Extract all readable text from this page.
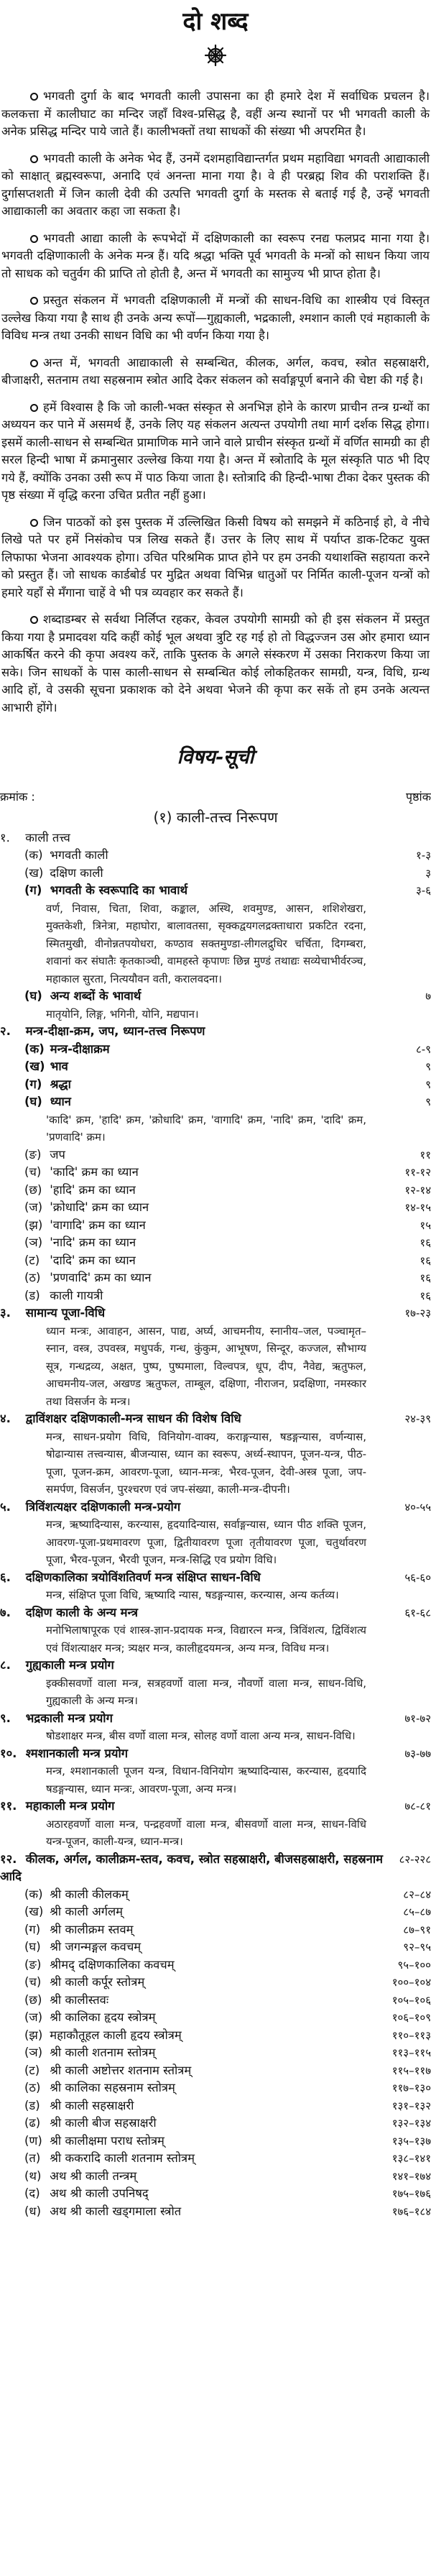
दो शब्द

भगवती दुर्गा के बाद भगवती काली उपासना का ही हमारे देश में सर्वाधिक प्रचलन है। कलकत्ता में कालीघाट का मन्दिर जहाँ विश्व-प्रसिद्ध है, वहीं अन्य स्थानों पर भी भगवती काली के अनेक प्रसिद्ध मन्दिर पाये जाते हैं। कालीभक्तों तथा साधकों की संख्या भी अपरमित है।

भगवती काली के अनेक भेद हैं, उनमें दशमहाविद्यान्तर्गत प्रथम महाविद्या भगवती आद्याकाली को साक्षात् ब्रह्मस्वरूपा, अनादि एवं अनन्ता माना गया है। वे ही परब्रह्म शिव की पराशक्ति हैं। दुर्गासप्तशती में जिन काली देवी की उत्पत्ति भगवती दुर्गा के मस्तक से बताई गई है, उन्हें भगवती आद्याकाली का अवतार कहा जा सकता है।

भगवती आद्या काली के रूपभेदों में दक्षिणकाली का स्वरूप रनद्य फलप्रद माना गया है। भगवती दक्षिणाकाली के अनेक मन्त्र हैं। यदि श्रद्धा भक्ति पूर्व भगवती के मन्त्रों को साधन किया जाय तो साधक को चतुर्वग की प्राप्ति तो होती है, अन्त में भगवती का सामुज्य भी प्राप्त होता है।

प्रस्तुत संकलन में भगवती दक्षिणकाली में मन्त्रों की साधन-विधि का शास्त्रीय एवं विस्तृत उल्लेख किया गया है साथ ही उनके अन्य रूपों—गुह्यकाली, भद्रकाली, श्मशान काली एवं महाकाली के विविध मन्त्र तथा उनकी साधन विधि का भी वर्णन किया गया है।

अन्त में, भगवती आद्याकाली से सम्बन्धित, कीलक, अर्गल, कवच, स्त्रोत सहस्राक्षरी, बीजाक्षरी, सतनाम तथा सहस्रनाम स्त्रोत आदि देकर संकलन को सर्वाङ्गपूर्ण बनाने की चेष्टा की गई है।

हमें विश्वास है कि जो काली-भक्त संस्कृत से अनभिज्ञ होने के कारण प्राचीन तन्त्र ग्रन्थों का अध्ययन कर पाने में असमर्थ हैं, उनके लिए यह संकलन अत्यन्त उपयोगी तथा मार्ग दर्शक सिद्ध होगा। इसमें काली-साधन से सम्बन्धित प्रामाणिक माने जाने वाले प्राचीन संस्कृत ग्रन्थों में वर्णित सामग्री का ही सरल हिन्दी भाषा में क्रमानुसार उल्लेख किया गया है। अन्त में स्त्रोतादि के मूल संस्कृति पाठ भी दिए गये हैं, क्योंकि उनका उसी रूप में पाठ किया जाता है। स्तोत्रादि की हिन्दी-भाषा टीका देकर पुस्तक की पृष्ठ संख्या में वृद्धि करना उचित प्रतीत नहीं हुआ।

जिन पाठकों को इस पुस्तक में उल्लिखित किसी विषय को समझने में कठिनाई हो, वे नीचे लिखे पते पर हमें निसंकोच पत्र लिख सकते हैं। उत्तर के लिए साथ में पर्याप्त डाक-टिकट युक्त लिफाफा भेजना आवश्यक होगा। उचित परिश्रमिक प्राप्त होने पर हम उनकी यथाशक्ति सहायता करने को प्रस्तुत हैं। जो साधक कार्डबोर्ड पर मुद्रित अथवा विभिन्न धातुओं पर निर्मित काली-पूजन यन्त्रों को हमारे यहाँ से मँगाना चाहें वे भी पत्र व्यवहार कर सकते हैं।

शब्दाडम्बर से सर्वथा निर्लिप्त रहकर, केवल उपयोगी सामग्री को ही इस संकलन में प्रस्तुत किया गया है प्रमादवश यदि कहीं कोई भूल अथवा त्रुटि रह गई हो तो विद्धज्जन उस ओर हमारा ध्यान आकर्षित करने की कृपा अवश्य करें, ताकि पुस्तक के अगले संस्करण में उसका निराकरण किया जा सके। जिन साधकों के पास काली-साधन से सम्बन्धित कोई लोकहितकर सामग्री, यन्त्र, विधि, ग्रन्थ आदि हों, वे उसकी सूचना प्रकाशक को देने अथवा भेजने की कृपा कर सकें तो हम उनके अत्यन्त आभारी होंगे।

विषय-सूची
क्रमांक :	पृष्ठांक
(१) काली-तत्त्व निरूपण
१. काली तत्त्व
(क) भगवती काली	१-३
(ख) दक्षिण काली	३
(ग) भगवती के स्वरूपादि का भावार्थ	३-६
वर्ण, निवास, चिता, शिवा, कङ्काल, अस्थि, शवमुण्ड, आसन, शशिशेखरा, मुक्तकेशी, त्रिनेत्रा, महाघोरा, बालावतसा, सृक्कद्वयगलद्रक्ताधारा प्रकटित रदना, स्मितमुखी, वीनोन्नतपयोधरा, कण्ठाव सक्तमुण्डा-लीगलद्रुधिर चर्चिता, दिगम्बरा, शवानां कर संघातैः कृतकाञ्ची, वामहस्ते कृपाणः छिन्न मुण्डं तथाद्यः सव्येचाभीर्वरञ्च, महाकाल सुरता, नित्ययौवन वती, करालवदना।
(घ) अन्य शब्दों के भावार्थ	७
मातृयोनि, लिङ्ग, भगिनी, योनि, मद्यपान।
२. मन्त्र-दीक्षा-क्रम, जप, ध्यान-तत्त्व निरूपण
(क) मन्त्र-दीक्षाक्रम	८-९
(ख) भाव	९
(ग) श्रद्धा	९
(घ) ध्यान	९
'कादि' क्रम, 'हादि' क्रम, 'क्रोधादि' क्रम, 'वागादि' क्रम, 'नादि' क्रम, 'दादि' क्रम, 'प्रणवादि' क्रम।
(ङ) जप	११
(च) 'कादि' क्रम का ध्यान	११-१२
(छ) 'हादि' क्रम का ध्यान	१२-१४
(ज) 'क्रोधादि' क्रम का ध्यान	१४-१५
(झ) 'वागादि' क्रम का ध्यान	१५
(ञ) 'नादि' क्रम का ध्यान	१६
(ट) 'दादि' क्रम का ध्यान	१६
(ठ) 'प्रणवादि' क्रम का ध्यान	१६
(ड) काली गायत्री	१६
३. सामान्य पूजा-विधि	१७-२३
ध्यान मन्त्रः, आवाहन, आसन, पाद्य, अर्घ्य, आचमनीय, स्नानीय–जल, पञ्चामृत–स्नान, वस्त्र, उपवस्त्र, मधुपर्क, गन्ध, कुंकुम, आभूषण, सिन्दूर, कज्जल, सौभाग्य सूत्र, गन्धद्रव्य, अक्षत, पुष्प, पुष्पमाला, विल्वपत्र, धूप, दीप, नैवेद्य, ऋतुफल, आचमनीय-जल, अखण्ड ऋतुफल, ताम्बूल, दक्षिणा, नीराजन, प्रदक्षिणा, नमस्कार तथा विसर्जन के मन्त्र।
४. द्वाविंशक्षर दक्षिणकाली-मन्त्र साधन की विशेष विधि	२४-३९
मन्त्र, साधन-प्रयोग विधि, विनियोग-वाक्य, कराङ्गन्यास, षडङ्गन्यास, वर्णन्यास, षोढान्यास तत्त्वन्यास, बीजन्यास, ध्यान का स्वरूप, अर्ध्य-स्थापन, पूजन-यन्त्र, पीठ-पूजा, पूजन-क्रम, आवरण-पूजा, ध्यान-मन्त्रः, भैरव-पूजन, देवी-अस्त्र पूजा, जप-समर्पण, विसर्जन, पुरश्चरण एवं जप-संख्या, काली-मन्त्र-दीपनी।
५. त्रिविंशत्यक्षर दक्षिणकाली मन्त्र-प्रयोग	४०-५५
मन्त्र, ऋष्यादिन्यास, करन्यास, हृदयादिन्यास, सर्वाङ्गन्यास, ध्यान पीठ शक्ति पूजन, आवरण-पूजा-प्रथमावरण पूजा, द्वितीयावरण पूजा तृतीयावरण पूजा, चतुर्थावरण पूजा, भैरव-पूजन, भैरवी पूजन, मन्त्र-सिद्धि एव प्रयोग विधि।
६. दक्षिणकालिका त्रयोविंशतिवर्ण मन्त्र संक्षिप्त साधन-विधि	५६-६०
मन्त्र, संक्षिप्त पूजा विधि, ऋष्यादि न्यास, षडङ्गन्यास, करन्यास, अन्य कर्तव्य।
७. दक्षिण काली के अन्य मन्त्र	६१-६८
मनोभिलाषापूरक एवं शास्त्र-ज्ञान-प्रदायक मन्त्र, विद्यारत्न मन्त्र, त्रिविंशत्य, द्विविंशत्य एवं विंशत्याक्षर मन्त्र; त्र्यक्षर मन्त्र, कालीहृदयमन्त्र, अन्य मन्त्र, विविध मन्त्र।
८. गुह्यकाली मन्त्र प्रयोग
इक्कीसवर्णो वाला मन्त्र, सत्रहवर्णो वाला मन्त्र, नौवर्णो वाला मन्त्र, साधन-विधि, गुह्यकाली के अन्य मन्त्र।
९. भद्रकाली मन्त्र प्रयोग	७१-७२
षोडशाक्षर मन्त्र, बीस वर्णो वाला मन्त्र, सोलह वर्णो वाला अन्य मन्त्र, साधन-विधि।
१०. श्मशानकाली मन्त्र प्रयोग	७३-७७
मन्त्र, श्मशानकाली पूजन यन्त्र, विधान-विनियोग ऋष्यादिन्यास, करन्यास, हृदयादि षडङ्गन्यास, ध्यान मन्त्रः, आवरण-पूजा, अन्य मन्त्र।
११. महाकाली मन्त्र प्रयोग	७८-८१
अठारहवर्णो वाला मन्त्र, पन्द्रहवर्णो वाला मन्त्र, बीसवर्णो वाला मन्त्र, साधन-विधि यन्त्र-पूजन, काली-यन्त्र, ध्यान-मन्त्र।
१२. कीलक, अर्गल, कालीक्रम-स्तव, कवच, स्त्रोत सहस्राक्षरी, बीजसहस्राक्षरी, सहस्रनाम आदि
८२-२२८
(क) श्री काली कीलकम्	८२–८४
(ख) श्री काली अर्गलम्	८५–८७
(ग) श्री कालीक्रम स्तवम्	८७–९१
(घ) श्री जगन्मङ्गल कवचम्	९२–९५
(ङ) श्रीमद् दक्षिणकालिका कवचम्	९५–१००
(च) श्री काली कर्पूर स्तोत्रम्	१००–१०४
(छ) श्री कालीस्तवः	१०५–१०६
(ज) श्री कालिका हृदय स्त्रोत्रम्	१०६–१०९
(झ) महाकौतूहल काली हृदय स्त्रोत्रम्	११०–११३
(ञ) श्री काली शतनाम स्तोत्रम्	११३–११५
(ट) श्री काली अष्टोत्तर शतनाम स्तोत्रम्	११५–११७
(ठ) श्री कालिका सहस्रनाम स्तोत्रम्	११७–१३०
(ड) श्री काली सहस्राक्षरी	१३१–१३२
(ढ) श्री काली बीज सहस्राक्षरी	१३२–१३४
(ण) श्री कालीक्षमा पराध स्तोत्रम्	१३५–१३७
(त) श्री ककरादि काली शतनाम स्तोत्रम्	१३८–१४१
(थ) अथ श्री काली तन्त्रम्	१४१–१७४
(द) अथ श्री काली उपनिषद्	१७५–१७६
(ध) अथ श्री काली खड्गमाला स्त्रोत	१७६–१८४
